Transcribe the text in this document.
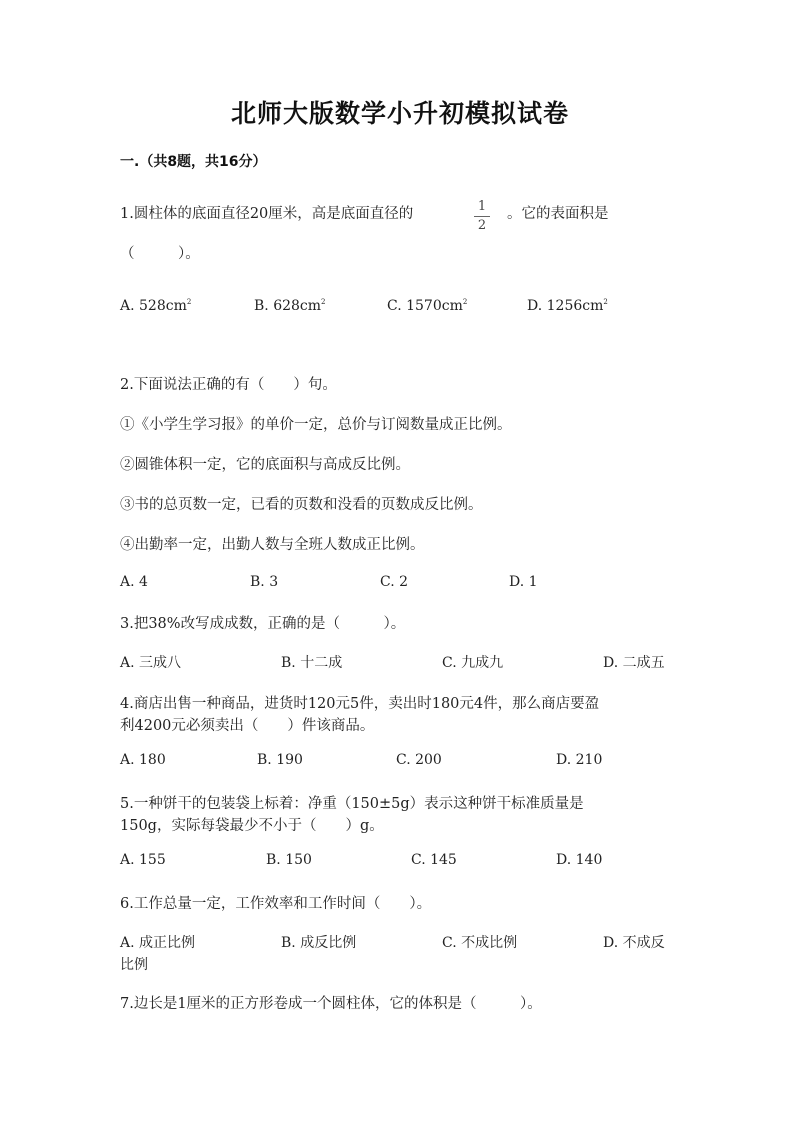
北师大版数学小升初模拟试卷
一.（共8题，共16分）
1.圆柱体的底面直径20厘米，高是底面直径的	1
2
。它的表面积是
（　　　）。
A. $528cm^2$	B. $628cm^2$	C. $1570cm^2$	D. $1256cm^2$
2.下面说法正确的有（　　）句。
①《小学生学习报》的单价一定，总价与订阅数量成正比例。
②圆锥体积一定，它的底面积与高成反比例。
③书的总页数一定，已看的页数和没看的页数成反比例。
④出勤率一定，出勤人数与全班人数成正比例。
A. 4	B. 3	C. 2	D. 1
3.把38%改写成成数，正确的是（　　　）。
A. 三成八	B. 十二成	C. 九成九	D. 二成五
4.商店出售一种商品，进货时120元5件，卖出时180元4件，那么商店要盈
利4200元必须卖出（　　）件该商品。
A. 180	B. 190	C. 200	D. 210
5.一种饼干的包装袋上标着：净重（150±5g）表示这种饼干标准质量是
150g，实际每袋最少不小于（　　）g。
A. 155	B. 150	C. 145	D. 140
6.工作总量一定，工作效率和工作时间（　　）。
A. 成正比例	B. 成反比例	C. 不成比例	D. 不成反
比例
7.边长是1厘米的正方形卷成一个圆柱体，它的体积是（　　　）。
